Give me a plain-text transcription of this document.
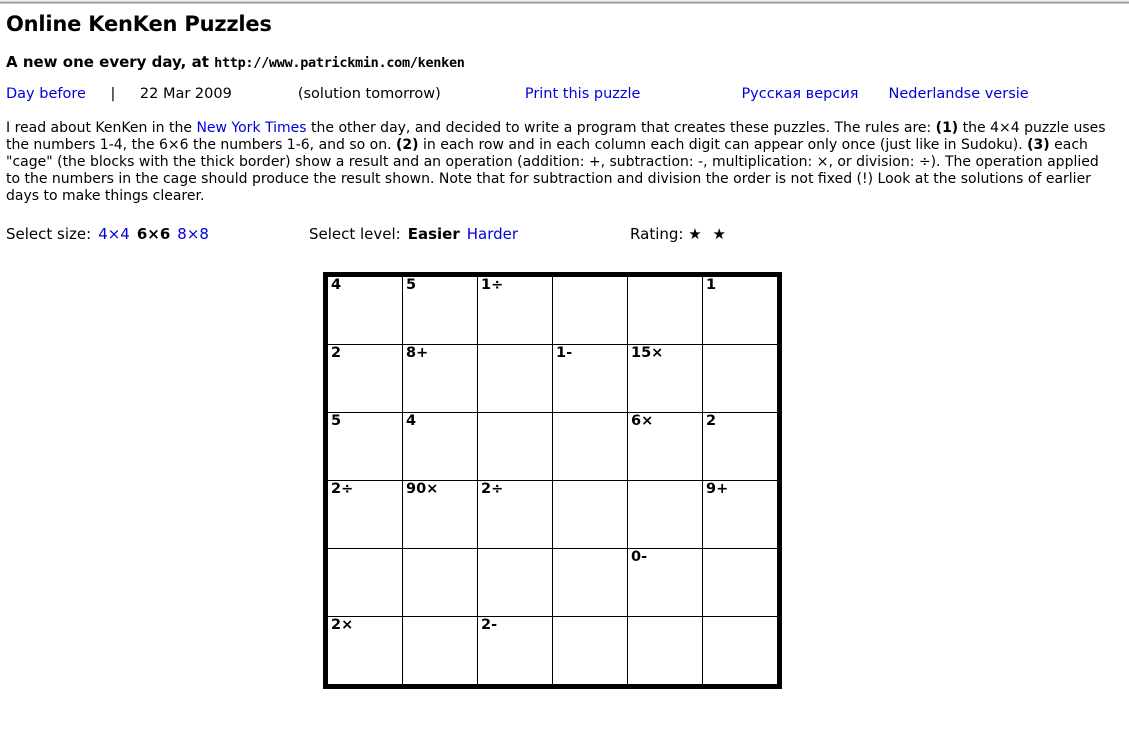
Online KenKen Puzzles
A new one every day, at http://www.patrickmin.com/kenken
Day before | 22 Mar 2009	(solution tomorrow)	Print this puzzle	Русская версия Nederlandse versie

I read about KenKen in the New York Times the other day, and decided to write a program that creates these puzzles. The rules are: (1) the 4×4 puzzle uses the numbers 1-4, the 6×6 the numbers 1-6, and so on. (2) in each row and in each column each digit can appear only once (just like in Sudoku). (3) each "cage" (the blocks with the thick border) show a result and an operation (addition: +, subtraction: -, multiplication: ×, or division: ÷). The operation applied to the numbers in the cage should produce the result shown. Note that for subtraction and division the order is not fixed (!) Look at the solutions of earlier days to make things clearer.

Select size: 4×4 6×6 8×8	Select level: Easier Harder	Rating: ★ ★
4	5	1÷			1

2	8+		1-	15×	

5	4			6×	2

2÷	90×	2÷			9+

				0-	

2×		2-			
